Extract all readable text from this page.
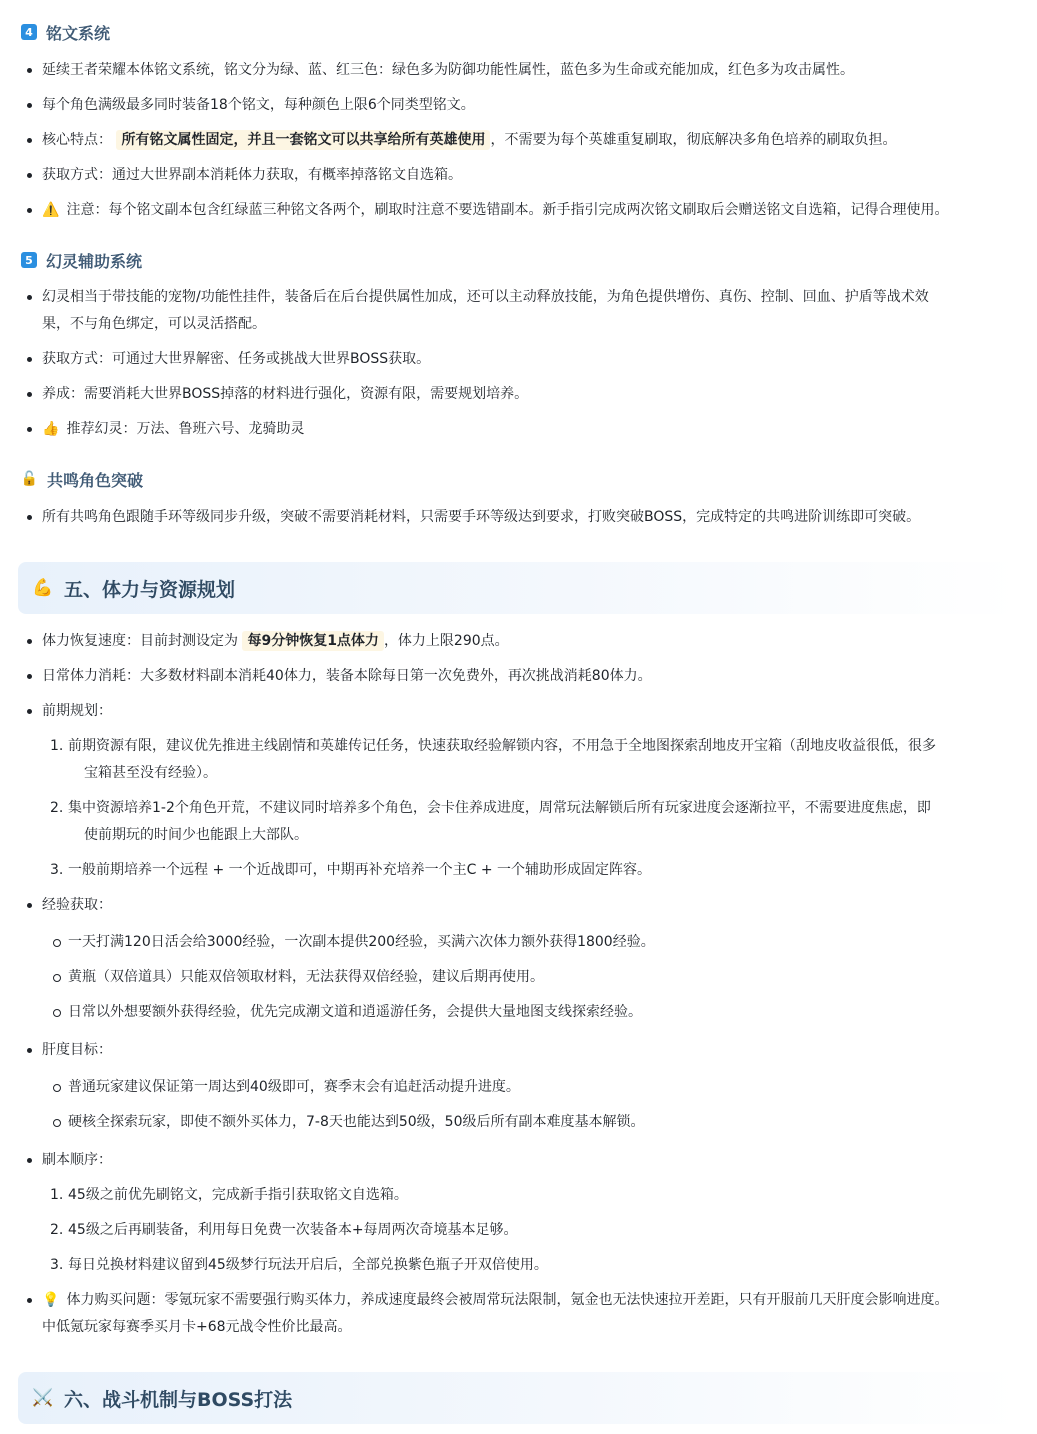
4 铭文系统
延续王者荣耀本体铭文系统，铭文分为绿、蓝、红三色：绿色多为防御功能性属性，蓝色多为生命或充能加成，红色多为攻击属性。
每个角色满级最多同时装备18个铭文，每种颜色上限6个同类型铭文。
核心特点： 所有铭文属性固定，并且一套铭文可以共享给所有英雄使用 ，不需要为每个英雄重复刷取，彻底解决多角色培养的刷取负担。
获取方式：通过大世界副本消耗体力获取，有概率掉落铭文自选箱。
⚠️ 注意：每个铭文副本包含红绿蓝三种铭文各两个，刷取时注意不要选错副本。新手指引完成两次铭文刷取后会赠送铭文自选箱，记得合理使用。
5 幻灵辅助系统
幻灵相当于带技能的宠物/功能性挂件，装备后在后台提供属性加成，还可以主动释放技能，为角色提供增伤、真伤、控制、回血、护盾等战术效
果，不与角色绑定，可以灵活搭配。
获取方式：可通过大世界解密、任务或挑战大世界BOSS获取。
养成：需要消耗大世界BOSS掉落的材料进行强化，资源有限，需要规划培养。
👍 推荐幻灵：万法、鲁班六号、龙骑助灵
🔓 共鸣角色突破
所有共鸣角色跟随手环等级同步升级，突破不需要消耗材料，只需要手环等级达到要求，打败突破BOSS，完成特定的共鸣进阶训练即可突破。
💪 五、体力与资源规划
体力恢复速度：目前封测设定为 每9分钟恢复1点体力 ，体力上限290点。
日常体力消耗：大多数材料副本消耗40体力，装备本除每日第一次免费外，再次挑战消耗80体力。
前期规划：
1. 前期资源有限，建议优先推进主线剧情和英雄传记任务，快速获取经验解锁内容，不用急于全地图探索刮地皮开宝箱（刮地皮收益很低，很多
宝箱甚至没有经验）。
2. 集中资源培养1-2个角色开荒，不建议同时培养多个角色，会卡住养成进度，周常玩法解锁后所有玩家进度会逐渐拉平，不需要进度焦虑，即
使前期玩的时间少也能跟上大部队。
3. 一般前期培养一个远程 + 一个近战即可，中期再补充培养一个主C + 一个辅助形成固定阵容。
经验获取：
一天打满120日活会给3000经验，一次副本提供200经验，买满六次体力额外获得1800经验。
黄瓶（双倍道具）只能双倍领取材料，无法获得双倍经验，建议后期再使用。
日常以外想要额外获得经验，优先完成潮文道和逍遥游任务，会提供大量地图支线探索经验。
肝度目标：
普通玩家建议保证第一周达到40级即可，赛季末会有追赶活动提升进度。
硬核全探索玩家，即使不额外买体力，7-8天也能达到50级，50级后所有副本难度基本解锁。
刷本顺序：
1. 45级之前优先刷铭文，完成新手指引获取铭文自选箱。
2. 45级之后再刷装备，利用每日免费一次装备本+每周两次奇境基本足够。
3. 每日兑换材料建议留到45级梦行玩法开启后，全部兑换紫色瓶子开双倍使用。
💡 体力购买问题：零氪玩家不需要强行购买体力，养成速度最终会被周常玩法限制，氪金也无法快速拉开差距，只有开服前几天肝度会影响进度。
中低氪玩家每赛季买月卡+68元战令性价比最高。
⚔️ 六、战斗机制与BOSS打法
